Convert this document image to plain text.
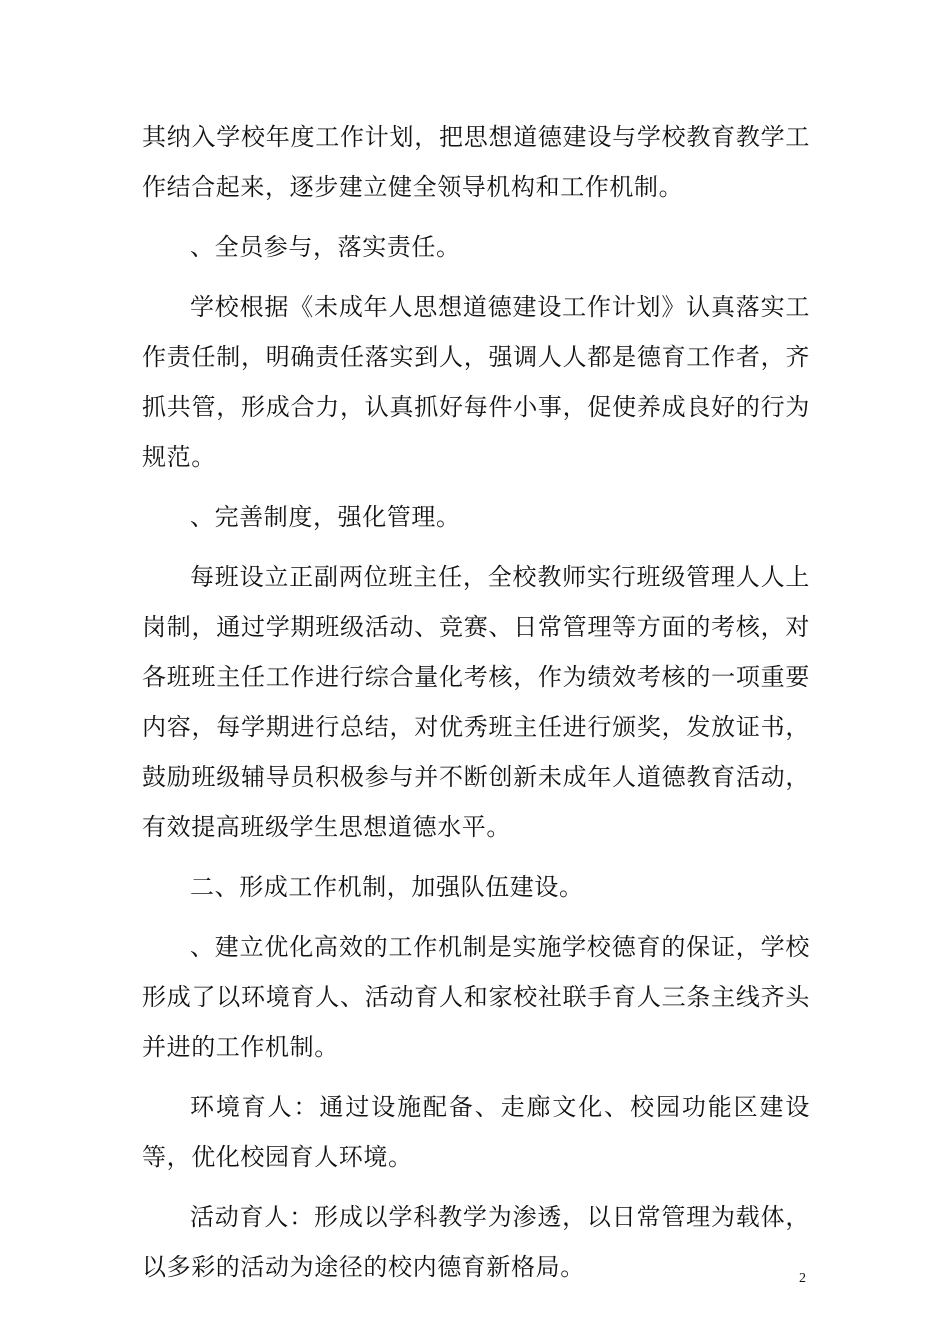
其纳入学校年度工作计划，把思想道德建设与学校教育教学工作结合起来，逐步建立健全领导机构和工作机制。

、全员参与，落实责任。

学校根据《未成年人思想道德建设工作计划》认真落实工作责任制，明确责任落实到人，强调人人都是德育工作者，齐抓共管，形成合力，认真抓好每件小事，促使养成良好的行为规范。

、完善制度，强化管理。

每班设立正副两位班主任，全校教师实行班级管理人人上岗制，通过学期班级活动、竞赛、日常管理等方面的考核，对各班班主任工作进行综合量化考核，作为绩效考核的一项重要内容，每学期进行总结，对优秀班主任进行颁奖，发放证书，鼓励班级辅导员积极参与并不断创新未成年人道德教育活动，有效提高班级学生思想道德水平。

二、形成工作机制，加强队伍建设。

、建立优化高效的工作机制是实施学校德育的保证，学校形成了以环境育人、活动育人和家校社联手育人三条主线齐头并进的工作机制。

环境育人：通过设施配备、走廊文化、校园功能区建设等，优化校园育人环境。

活动育人：形成以学科教学为渗透，以日常管理为载体，以多彩的活动为途径的校内德育新格局。	2
